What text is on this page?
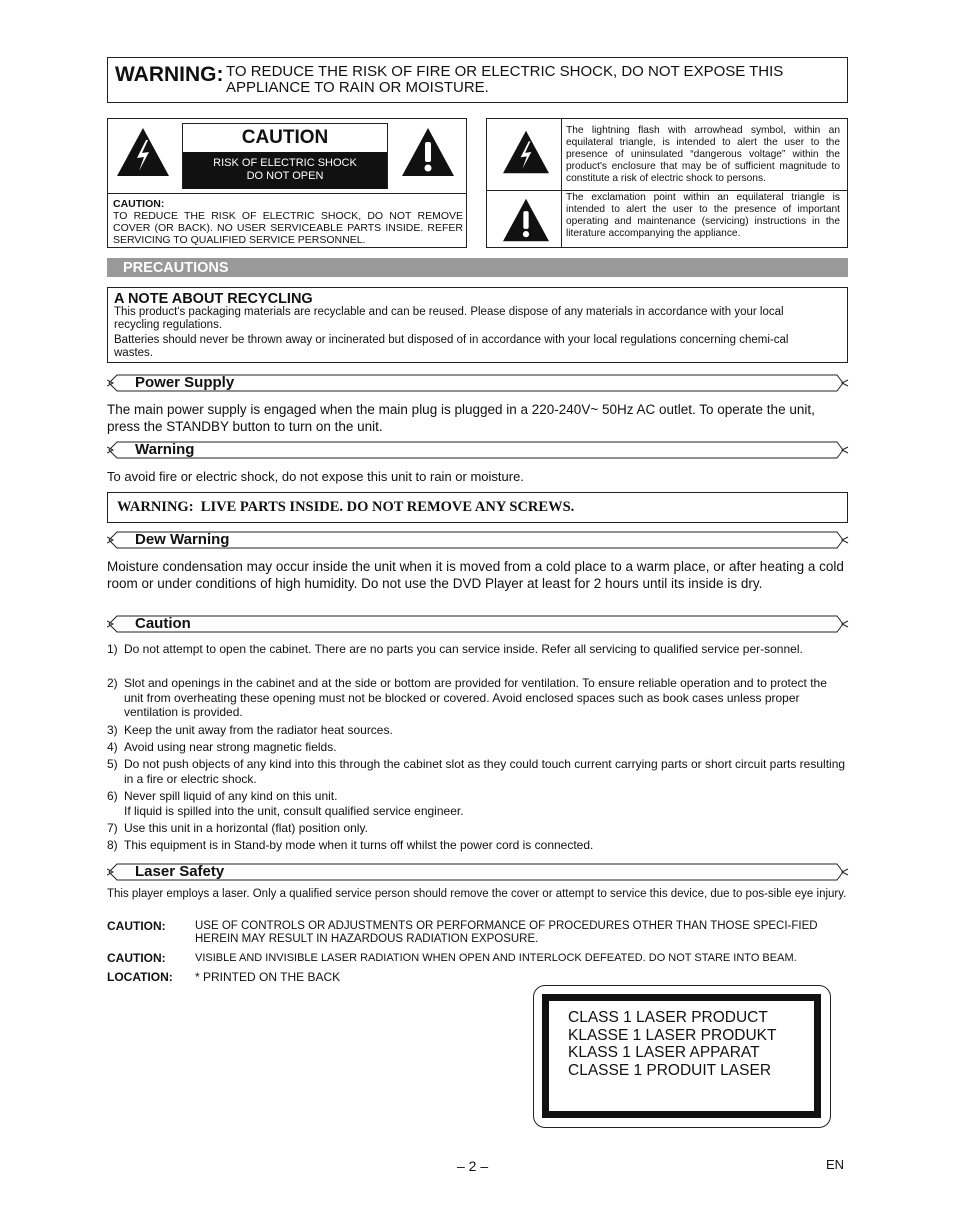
WARNING: TO REDUCE THE RISK OF FIRE OR ELECTRIC SHOCK, DO NOT EXPOSE THIS APPLIANCE TO RAIN OR MOISTURE.
CAUTION
RISK OF ELECTRIC SHOCK
DO NOT OPEN
CAUTION:
TO REDUCE THE RISK OF ELECTRIC SHOCK, DO NOT REMOVE COVER (OR BACK). NO USER SERVICEABLE PARTS INSIDE. REFER SERVICING TO QUALIFIED SERVICE PERSONNEL.
The lightning flash with arrowhead symbol, within an equilateral triangle, is intended to alert the user to the presence of uninsulated “dangerous voltage” within the product's enclosure that may be of sufficient magnitude to constitute a risk of electric shock to persons.
The exclamation point within an equilateral triangle is intended to alert the user to the presence of important operating and maintenance (servicing) instructions in the literature accompanying the appliance.
PRECAUTIONS
A NOTE ABOUT RECYCLING
This product's packaging materials are recyclable and can be reused. Please dispose of any materials in accordance with your local recycling regulations.
Batteries should never be thrown away or incinerated but disposed of in accordance with your local regulations concerning chemi-cal wastes.
Power Supply
The main power supply is engaged when the main plug is plugged in a 220-240V~ 50Hz AC outlet. To operate the unit, press the STANDBY button to turn on the unit.
Warning
To avoid fire or electric shock, do not expose this unit to rain or moisture.
WARNING:  LIVE PARTS INSIDE. DO NOT REMOVE ANY SCREWS.
Dew Warning
Moisture condensation may occur inside the unit when it is moved from a cold place to a warm place, or after heating a cold room or under conditions of high humidity. Do not use the DVD Player at least for 2 hours until its inside is dry.
Caution
1) Do not attempt to open the cabinet. There are no parts you can service inside. Refer all servicing to qualified service per-sonnel.
2) Slot and openings in the cabinet and at the side or bottom are provided for ventilation. To ensure reliable operation and to protect the unit from overheating these opening must not be blocked or covered. Avoid enclosed spaces such as book cases unless proper ventilation is provided.
3) Keep the unit away from the radiator heat sources.
4) Avoid using near strong magnetic fields.
5) Do not push objects of any kind into this through the cabinet slot as they could touch current carrying parts or short circuit parts resulting in a fire or electric shock.
6) Never spill liquid of any kind on this unit.
If liquid is spilled into the unit, consult qualified service engineer.
7) Use this unit in a horizontal (flat) position only.
8) This equipment is in Stand-by mode when it turns off whilst the power cord is connected.
Laser Safety
This player employs a laser. Only a qualified service person should remove the cover or attempt to service this device, due to pos-sible eye injury.
CAUTION:	USE OF CONTROLS OR ADJUSTMENTS OR PERFORMANCE OF PROCEDURES OTHER THAN THOSE SPECI-FIED HEREIN MAY RESULT IN HAZARDOUS RADIATION EXPOSURE.
CAUTION:	VISIBLE AND INVISIBLE LASER RADIATION WHEN OPEN AND INTERLOCK DEFEATED. DO NOT STARE INTO BEAM.
LOCATION: * PRINTED ON THE BACK
CLASS 1 LASER PRODUCT
KLASSE 1 LASER PRODUKT
KLASS 1 LASER APPARAT
CLASSE 1 PRODUIT LASER
– 2 –	EN
